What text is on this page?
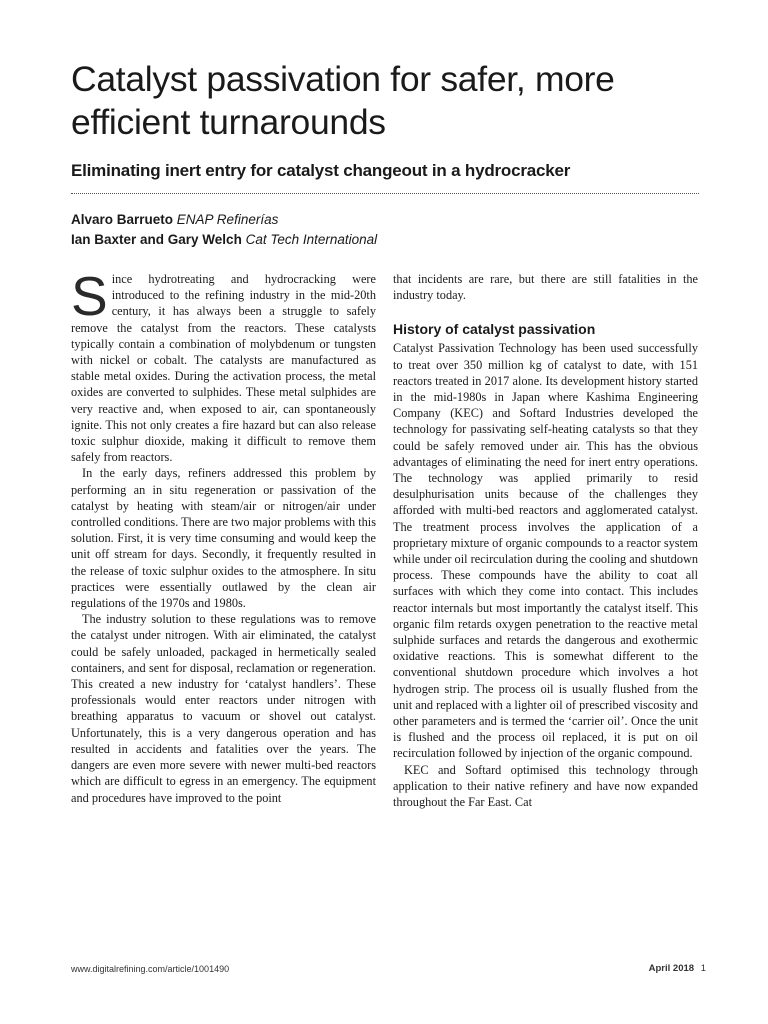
Catalyst passivation for safer, more efficient turnarounds
Eliminating inert entry for catalyst changeout in a hydrocracker
Alvaro Barrueto ENAP Refinerías
Ian Baxter and Gary Welch Cat Tech International

Since hydrotreating and hydrocracking were introduced to the refining industry in the mid-20th century, it has always been a struggle to safely remove the catalyst from the reactors. These catalysts typically contain a combination of molybdenum or tungsten with nickel or cobalt. The catalysts are manufactured as stable metal oxides. During the activation process, the metal oxides are converted to sulphides. These metal sulphides are very reactive and, when exposed to air, can spontaneously ignite. This not only creates a fire hazard but can also release toxic sulphur dioxide, making it difficult to remove them safely from reactors.

In the early days, refiners addressed this problem by performing an in situ regeneration or passivation of the catalyst by heating with steam/air or nitrogen/air under controlled conditions. There are two major problems with this solution. First, it is very time consuming and would keep the unit off stream for days. Secondly, it frequently resulted in the release of toxic sulphur oxides to the atmosphere. In situ practices were essentially outlawed by the clean air regulations of the 1970s and 1980s.

The industry solution to these regulations was to remove the catalyst under nitrogen. With air eliminated, the catalyst could be safely unloaded, packaged in hermetically sealed containers, and sent for disposal, reclamation or regeneration. This created a new industry for ‘catalyst handlers’. These professionals would enter reactors under nitrogen with breathing apparatus to vacuum or shovel out catalyst. Unfortunately, this is a very dangerous operation and has resulted in accidents and fatalities over the years. The dangers are even more severe with newer multi-bed reactors which are difficult to egress in an emergency. The equipment and procedures have improved to the point

that incidents are rare, but there are still fatalities in the industry today.

History of catalyst passivation

Catalyst Passivation Technology has been used successfully to treat over 350 million kg of catalyst to date, with 151 reactors treated in 2017 alone. Its development history started in the mid-1980s in Japan where Kashima Engineering Company (KEC) and Softard Industries developed the technology for passivating self-heating catalysts so that they could be safely removed under air. This has the obvious advantages of eliminating the need for inert entry operations. The technology was applied primarily to resid desulphurisation units because of the challenges they afforded with multi-bed reactors and agglomerated catalyst. The treatment process involves the application of a proprietary mixture of organic compounds to a reactor system while under oil recirculation during the cooling and shutdown process. These compounds have the ability to coat all surfaces with which they come into contact. This includes reactor internals but most importantly the catalyst itself. This organic film retards oxygen penetration to the reactive metal sulphide surfaces and retards the dangerous and exothermic oxidative reactions. This is somewhat different to the conventional shutdown procedure which involves a hot hydrogen strip. The process oil is usually flushed from the unit and replaced with a lighter oil of prescribed viscosity and other parameters and is termed the ‘carrier oil’. Once the unit is flushed and the process oil replaced, it is put on oil recirculation followed by injection of the organic compound.

KEC and Softard optimised this technology through application to their native refinery and have now expanded throughout the Far East. Cat

www.digitalrefining.com/article/1001490	April 2018 1
